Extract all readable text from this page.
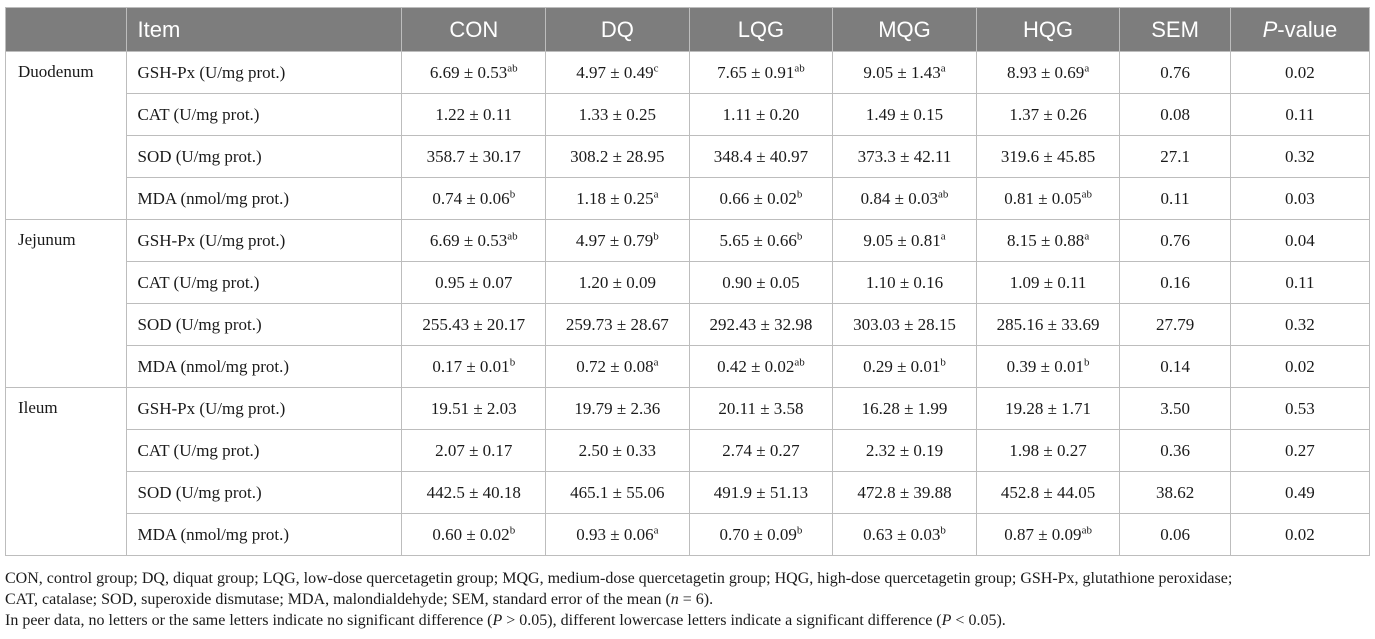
	Item	CON	DQ	LQG	MQG	HQG	SEM	P-value
Duodenum	GSH-Px (U/mg prot.)	6.69 ± 0.53$^{ab}$	4.97 ± 0.49$^c$	7.65 ± 0.91$^{ab}$	9.05 ± 1.43$^a$	8.93 ± 0.69$^a$	0.76	0.02
	CAT (U/mg prot.)	1.22 ± 0.11	1.33 ± 0.25	1.11 ± 0.20	1.49 ± 0.15	1.37 ± 0.26	0.08	0.11
	SOD (U/mg prot.)	358.7 ± 30.17	308.2 ± 28.95	348.4 ± 40.97	373.3 ± 42.11	319.6 ± 45.85	27.1	0.32
	MDA (nmol/mg prot.)	0.74 ± 0.06$^b$	1.18 ± 0.25$^a$	0.66 ± 0.02$^b$	0.84 ± 0.03$^{ab}$	0.81 ± 0.05$^{ab}$	0.11	0.03
Jejunum	GSH-Px (U/mg prot.)	6.69 ± 0.53$^{ab}$	4.97 ± 0.79$^b$	5.65 ± 0.66$^b$	9.05 ± 0.81$^a$	8.15 ± 0.88$^a$	0.76	0.04
	CAT (U/mg prot.)	0.95 ± 0.07	1.20 ± 0.09	0.90 ± 0.05	1.10 ± 0.16	1.09 ± 0.11	0.16	0.11
	SOD (U/mg prot.)	255.43 ± 20.17	259.73 ± 28.67	292.43 ± 32.98	303.03 ± 28.15	285.16 ± 33.69	27.79	0.32
	MDA (nmol/mg prot.)	0.17 ± 0.01$^b$	0.72 ± 0.08$^a$	0.42 ± 0.02$^{ab}$	0.29 ± 0.01$^b$	0.39 ± 0.01$^b$	0.14	0.02
Ileum	GSH-Px (U/mg prot.)	19.51 ± 2.03	19.79 ± 2.36	20.11 ± 3.58	16.28 ± 1.99	19.28 ± 1.71	3.50	0.53
	CAT (U/mg prot.)	2.07 ± 0.17	2.50 ± 0.33	2.74 ± 0.27	2.32 ± 0.19	1.98 ± 0.27	0.36	0.27
	SOD (U/mg prot.)	442.5 ± 40.18	465.1 ± 55.06	491.9 ± 51.13	472.8 ± 39.88	452.8 ± 44.05	38.62	0.49
	MDA (nmol/mg prot.)	0.60 ± 0.02$^b$	0.93 ± 0.06$^a$	0.70 ± 0.09$^b$	0.63 ± 0.03$^b$	0.87 ± 0.09$^{ab}$	0.06	0.02

CON, control group; DQ, diquat group; LQG, low-dose quercetagetin group; MQG, medium-dose quercetagetin group; HQG, high-dose quercetagetin group; GSH-Px, glutathione peroxidase;
CAT, catalase; SOD, superoxide dismutase; MDA, malondialdehyde; SEM, standard error of the mean (n = 6).

In peer data, no letters or the same letters indicate no significant difference (P > 0.05), different lowercase letters indicate a significant difference (P < 0.05).
